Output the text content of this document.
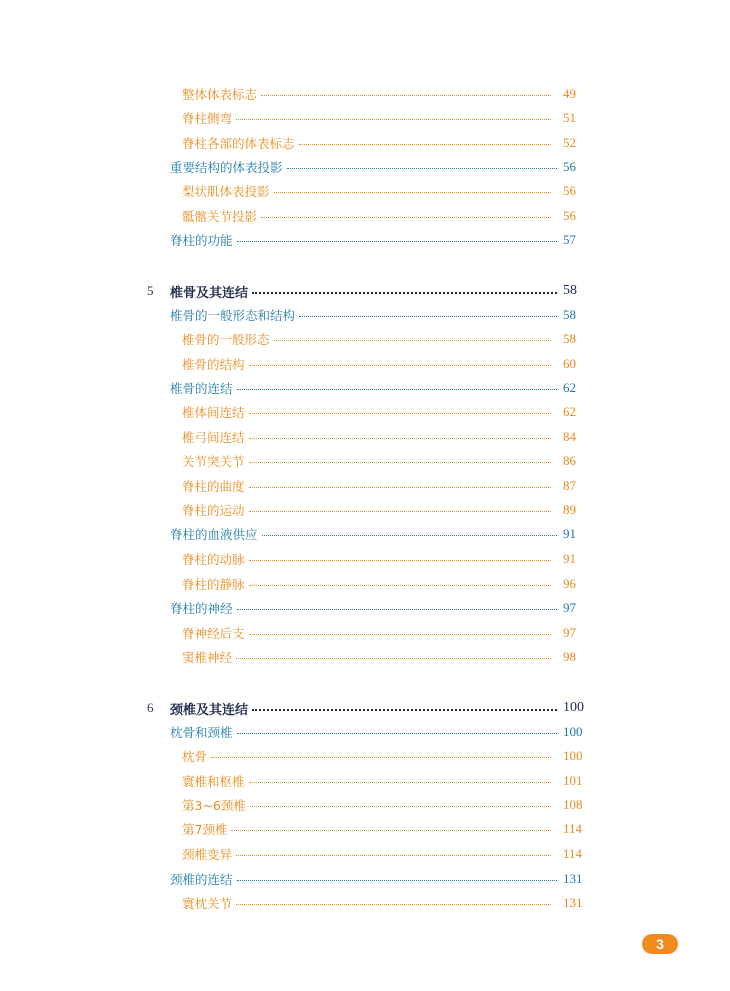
整体体表标志	49
脊柱侧弯	51
脊柱各部的体表标志	52
重要结构的体表投影	56
梨状肌体表投影	56
骶髂关节投影	56
脊柱的功能	57
5	椎骨及其连结	58
椎骨的一般形态和结构	58
椎骨的一般形态	58
椎骨的结构	60
椎骨的连结	62
椎体间连结	62
椎弓间连结	84
关节突关节	86
脊柱的曲度	87
脊柱的运动	89
脊柱的血液供应	91
脊柱的动脉	91
脊柱的静脉	96
脊柱的神经	97
脊神经后支	97
窦椎神经	98
6	颈椎及其连结	100
枕骨和颈椎	100
枕骨	100
寰椎和枢椎	101
第3~6颈椎	108
第7颈椎	114
颈椎变异	114
颈椎的连结	131
寰枕关节	131
3
